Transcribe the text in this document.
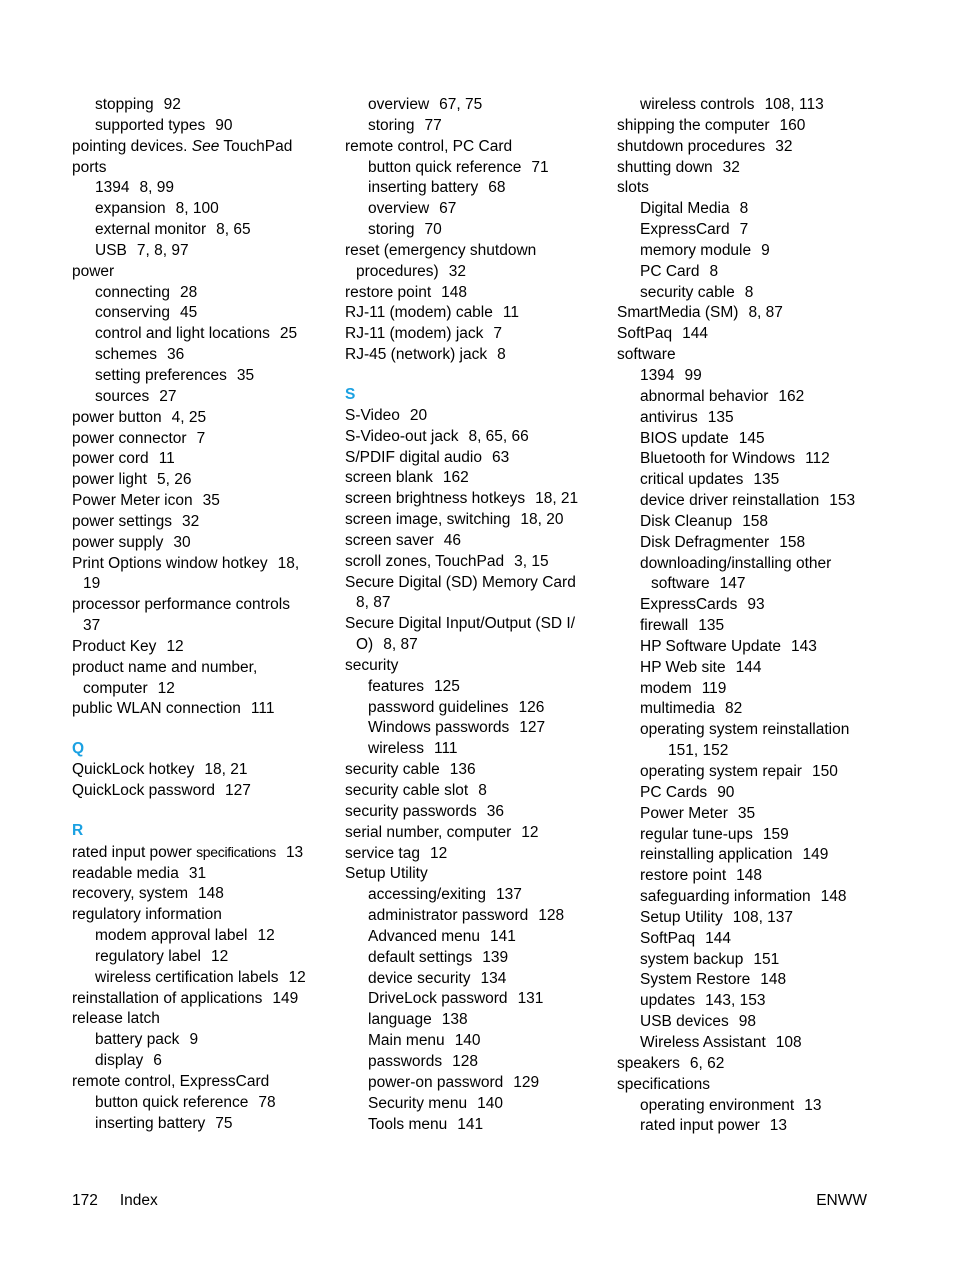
stopping 92
supported types 90
pointing devices. See TouchPad
ports
1394 8, 99
expansion 8, 100
external monitor 8, 65
USB 7, 8, 97
power
connecting 28
conserving 45
control and light locations 25
schemes 36
setting preferences 35
sources 27
power button 4, 25
power connector 7
power cord 11
power light 5, 26
Power Meter icon 35
power settings 32
power supply 30
Print Options window hotkey 18,
19
processor performance controls
37
Product Key 12
product name and number,
computer 12
public WLAN connection 111
Q
QuickLock hotkey 18, 21
QuickLock password 127
R
rated input power specifications 13
readable media 31
recovery, system 148
regulatory information
modem approval label 12
regulatory label 12
wireless certification labels 12
reinstallation of applications 149
release latch
battery pack 9
display 6
remote control, ExpressCard
button quick reference 78
inserting battery 75
overview 67, 75
storing 77
remote control, PC Card
button quick reference 71
inserting battery 68
overview 67
storing 70
reset (emergency shutdown
procedures) 32
restore point 148
RJ-11 (modem) cable 11
RJ-11 (modem) jack 7
RJ-45 (network) jack 8
S
S-Video 20
S-Video-out jack 8, 65, 66
S/PDIF digital audio 63
screen blank 162
screen brightness hotkeys 18, 21
screen image, switching 18, 20
screen saver 46
scroll zones, TouchPad 3, 15
Secure Digital (SD) Memory Card
8, 87
Secure Digital Input/Output (SD I/
O) 8, 87
security
features 125
password guidelines 126
Windows passwords 127
wireless 111
security cable 136
security cable slot 8
security passwords 36
serial number, computer 12
service tag 12
Setup Utility
accessing/exiting 137
administrator password 128
Advanced menu 141
default settings 139
device security 134
DriveLock password 131
language 138
Main menu 140
passwords 128
power-on password 129
Security menu 140
Tools menu 141
wireless controls 108, 113
shipping the computer 160
shutdown procedures 32
shutting down 32
slots
Digital Media 8
ExpressCard 7
memory module 9
PC Card 8
security cable 8
SmartMedia (SM) 8, 87
SoftPaq 144
software
1394 99
abnormal behavior 162
antivirus 135
BIOS update 145
Bluetooth for Windows 112
critical updates 135
device driver reinstallation 153
Disk Cleanup 158
Disk Defragmenter 158
downloading/installing other
software 147
ExpressCards 93
firewall 135
HP Software Update 143
HP Web site 144
modem 119
multimedia 82
operating system reinstallation
151, 152
operating system repair 150
PC Cards 90
Power Meter 35
regular tune-ups 159
reinstalling application 149
restore point 148
safeguarding information 148
Setup Utility 108, 137
SoftPaq 144
system backup 151
System Restore 148
updates 143, 153
USB devices 98
Wireless Assistant 108
speakers 6, 62
specifications
operating environment 13
rated input power 13
172 Index	ENWW
